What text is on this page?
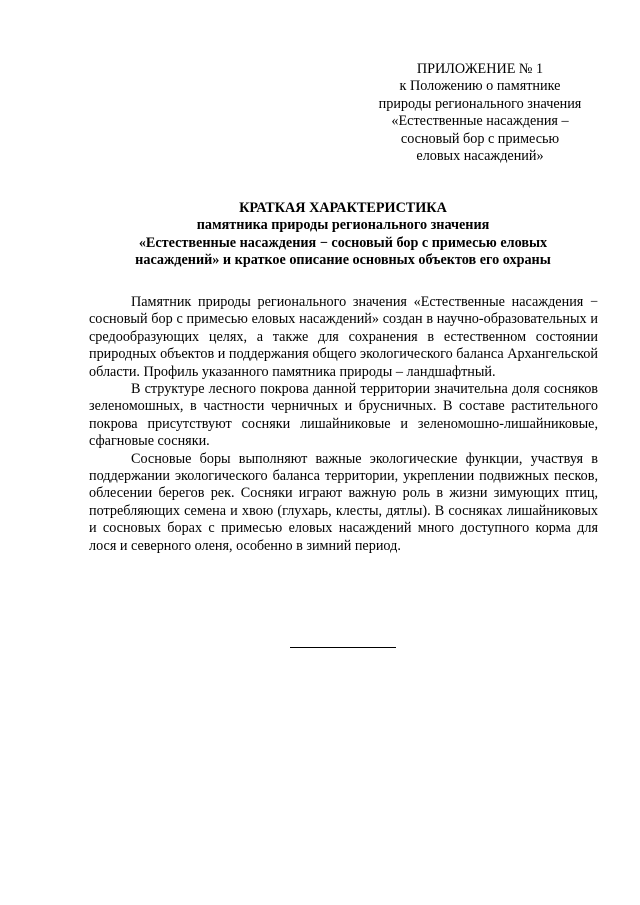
ПРИЛОЖЕНИЕ № 1
к Положению о памятнике
природы регионального значения
«Естественные насаждения –
сосновый бор с примесью
еловых насаждений»
КРАТКАЯ ХАРАКТЕРИСТИКА
памятника природы регионального значения
«Естественные насаждения − сосновый бор с примесью еловых
насаждений» и краткое описание основных объектов его охраны

Памятник природы регионального значения «Естественные насаждения − сосновый бор с примесью еловых насаждений» создан в научно-образовательных и средообразующих целях, а также для сохранения в естественном состоянии природных объектов и поддержания общего экологического баланса Архангельской области. Профиль указанного памятника природы – ландшафтный.

В структуре лесного покрова данной территории значительна доля сосняков зеленомошных, в частности черничных и брусничных. В составе растительного покрова присутствуют сосняки лишайниковые и зеленомошно-лишайниковые, сфагновые сосняки.

Сосновые боры выполняют важные экологические функции, участвуя в поддержании экологического баланса территории, укреплении подвижных песков, облесении берегов рек. Сосняки играют важную роль в жизни зимующих птиц, потребляющих семена и хвою (глухарь, клесты, дятлы). В сосняках лишайниковых и сосновых борах с примесью еловых насаждений много доступного корма для лося и северного оленя, особенно в зимний период.
